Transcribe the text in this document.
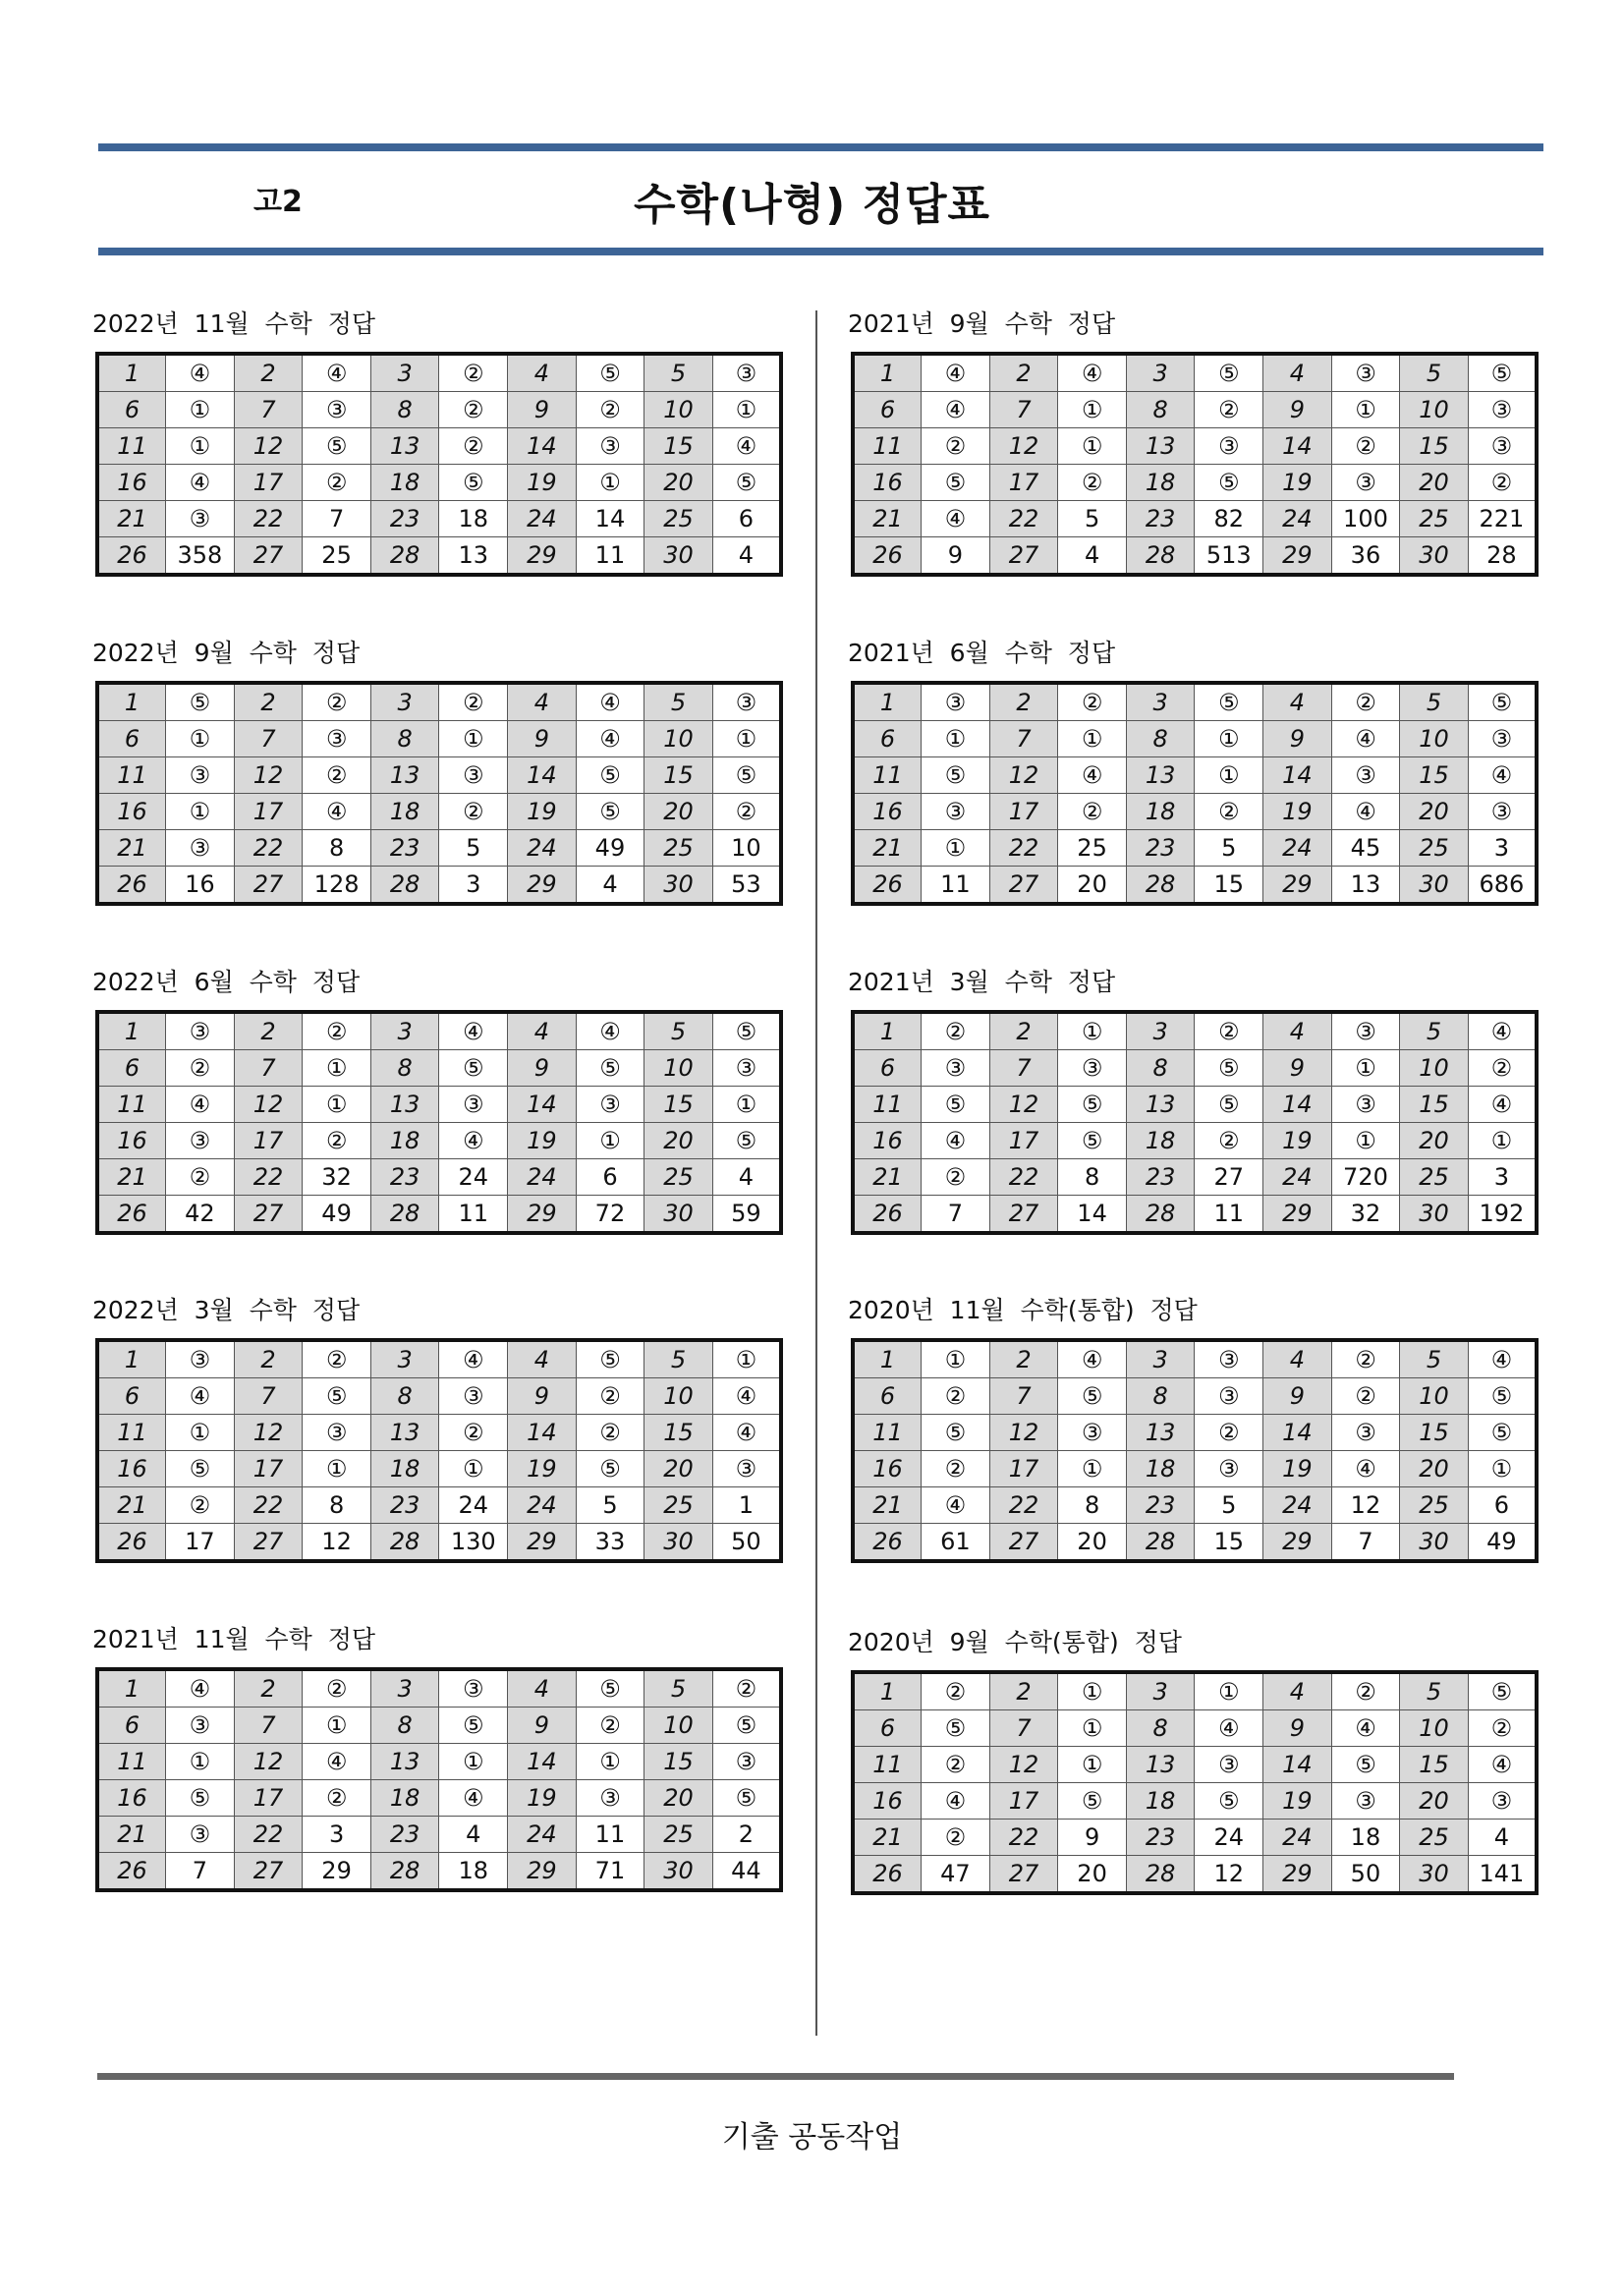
고2	수학(나형) 정답표
2022년  11월  수학  정답
1	④	2	④	3	②	4	⑤	5	③
6	①	7	③	8	②	9	②	10	①
11	①	12	⑤	13	②	14	③	15	④
16	④	17	②	18	⑤	19	①	20	⑤
21	③	22	7	23	18	24	14	25	6
26	358	27	25	28	13	29	11	30	4
2022년  9월  수학  정답
1	⑤	2	②	3	②	4	④	5	③
6	①	7	③	8	①	9	④	10	①
11	③	12	②	13	③	14	⑤	15	⑤
16	①	17	④	18	②	19	⑤	20	②
21	③	22	8	23	5	24	49	25	10
26	16	27	128	28	3	29	4	30	53
2022년  6월  수학  정답
1	③	2	②	3	④	4	④	5	⑤
6	②	7	①	8	⑤	9	⑤	10	③
11	④	12	①	13	③	14	③	15	①
16	③	17	②	18	④	19	①	20	⑤
21	②	22	32	23	24	24	6	25	4
26	42	27	49	28	11	29	72	30	59
2022년  3월  수학  정답
1	③	2	②	3	④	4	⑤	5	①
6	④	7	⑤	8	③	9	②	10	④
11	①	12	③	13	②	14	②	15	④
16	⑤	17	①	18	①	19	⑤	20	③
21	②	22	8	23	24	24	5	25	1
26	17	27	12	28	130	29	33	30	50
2021년  11월  수학  정답
1	④	2	②	3	③	4	⑤	5	②
6	③	7	①	8	⑤	9	②	10	⑤
11	①	12	④	13	①	14	①	15	③
16	⑤	17	②	18	④	19	③	20	⑤
21	③	22	3	23	4	24	11	25	2
26	7	27	29	28	18	29	71	30	44
2021년  9월  수학  정답
1	④	2	④	3	⑤	4	③	5	⑤
6	④	7	①	8	②	9	①	10	③
11	②	12	①	13	③	14	②	15	③
16	⑤	17	②	18	⑤	19	③	20	②
21	④	22	5	23	82	24	100	25	221
26	9	27	4	28	513	29	36	30	28
2021년  6월  수학  정답
1	③	2	②	3	⑤	4	②	5	⑤
6	①	7	①	8	①	9	④	10	③
11	⑤	12	④	13	①	14	③	15	④
16	③	17	②	18	②	19	④	20	③
21	①	22	25	23	5	24	45	25	3
26	11	27	20	28	15	29	13	30	686
2021년  3월  수학  정답
1	②	2	①	3	②	4	③	5	④
6	③	7	③	8	⑤	9	①	10	②
11	⑤	12	⑤	13	⑤	14	③	15	④
16	④	17	⑤	18	②	19	①	20	①
21	②	22	8	23	27	24	720	25	3
26	7	27	14	28	11	29	32	30	192
2020년  11월  수학(통합)  정답
1	①	2	④	3	③	4	②	5	④
6	②	7	⑤	8	③	9	②	10	⑤
11	⑤	12	③	13	②	14	③	15	⑤
16	②	17	①	18	③	19	④	20	①
21	④	22	8	23	5	24	12	25	6
26	61	27	20	28	15	29	7	30	49
2020년  9월  수학(통합)  정답
1	②	2	①	3	①	4	②	5	⑤
6	⑤	7	①	8	④	9	④	10	②
11	②	12	①	13	③	14	⑤	15	④
16	④	17	⑤	18	⑤	19	③	20	③
21	②	22	9	23	24	24	18	25	4
26	47	27	20	28	12	29	50	30	141
기출 공동작업
